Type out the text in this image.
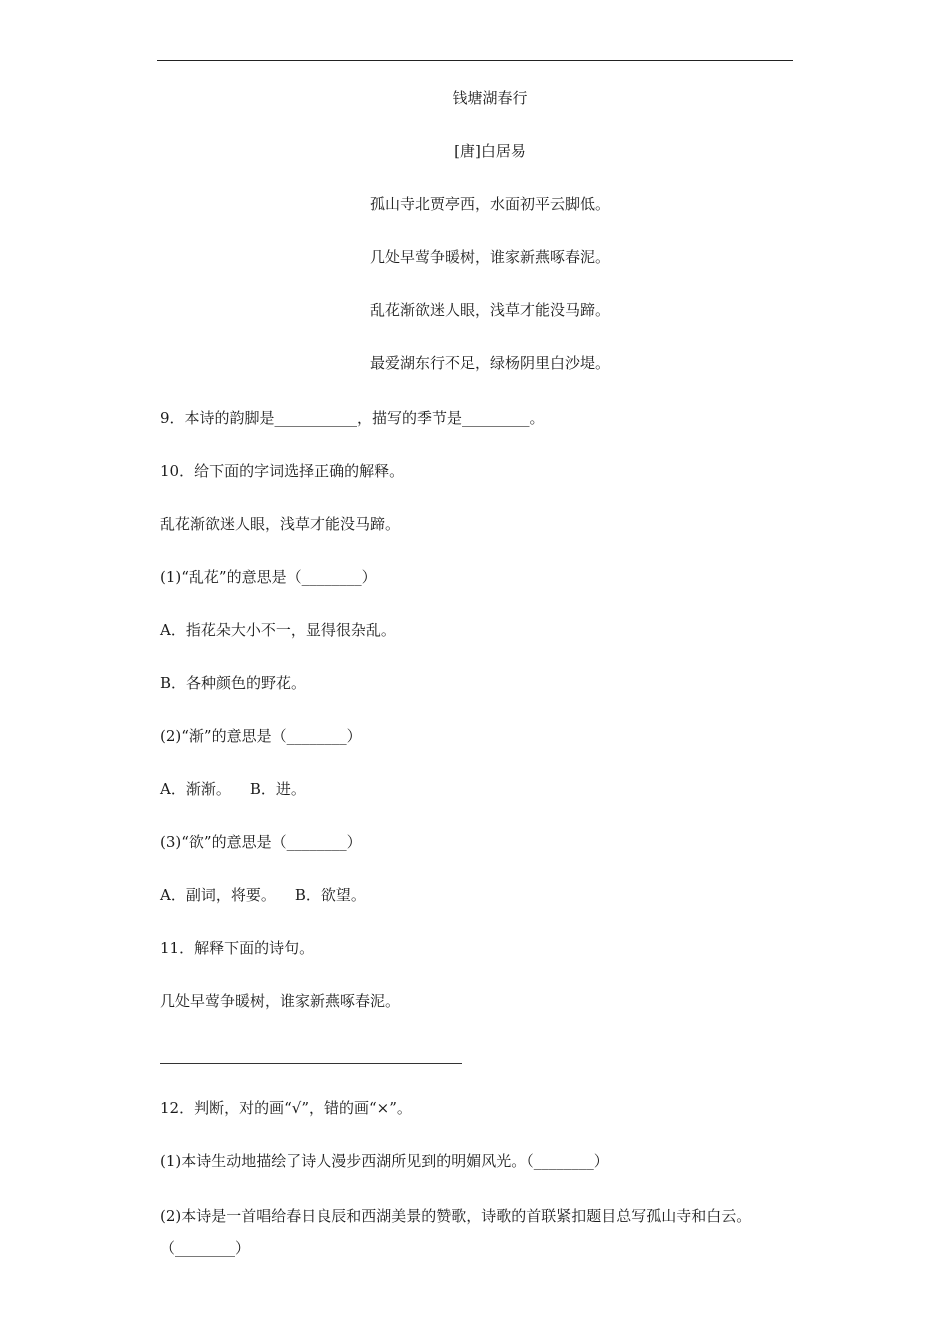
钱塘湖春行
[唐]白居易
孤山寺北贾亭西，水面初平云脚低。
几处早莺争暖树，谁家新燕啄春泥。
乱花渐欲迷人眼，浅草才能没马蹄。
最爱湖东行不足，绿杨阴里白沙堤。
9．本诗的韵脚是___________，描写的季节是_________。
10．给下面的字词选择正确的解释。
乱花渐欲迷人眼，浅草才能没马蹄。
(1)“乱花”的意思是（________）
A．指花朵大小不一，显得很杂乱。
B．各种颜色的野花。
(2)“渐”的意思是（________）
A．渐渐。    B．进。
(3)“欲”的意思是（________）
A．副词，将要。    B．欲望。
11．解释下面的诗句。
几处早莺争暖树，谁家新燕啄春泥。
12．判断，对的画“√”，错的画“×”。
(1)本诗生动地描绘了诗人漫步西湖所见到的明媚风光。（________）
(2)本诗是一首唱给春日良辰和西湖美景的赞歌，诗歌的首联紧扣题目总写孤山寺和白云。（________）
